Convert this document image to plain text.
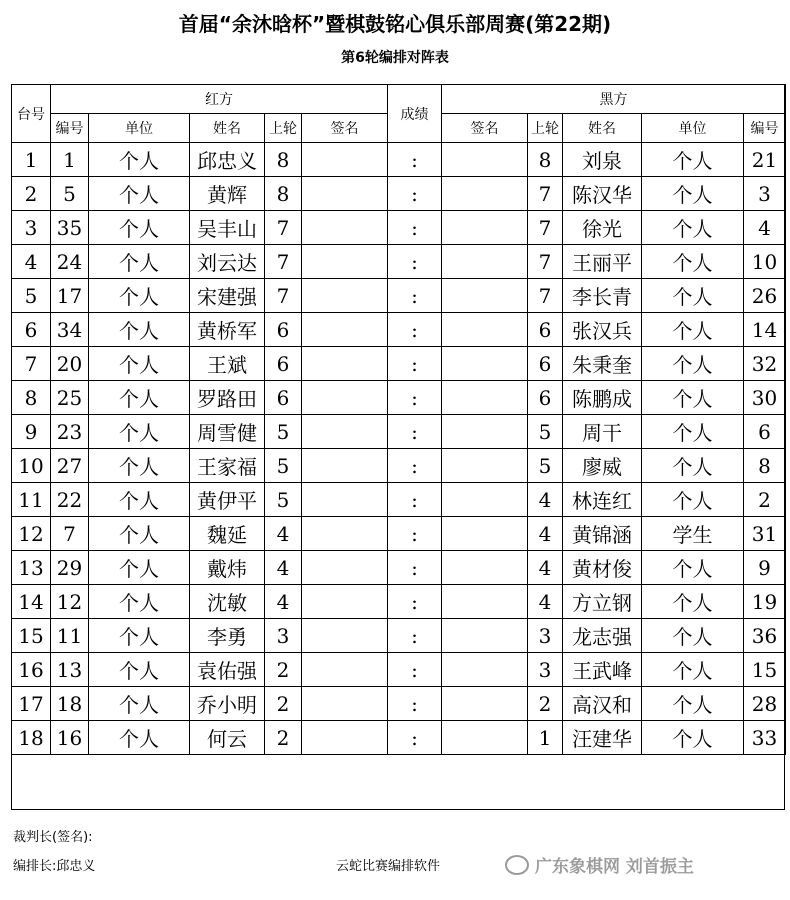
首届“余沐晗杯”暨棋鼓铭心俱乐部周赛(第22期)
第6轮编排对阵表
台号	红方					成绩	黑方				
	编号	单位	姓名	上轮	签名		签名	上轮	姓名	单位	编号
1	1	个人	邱忠义	8		:		8	刘泉	个人	21
2	5	个人	黄辉	8		:		7	陈汉华	个人	3
3	35	个人	吴丰山	7		:		7	徐光	个人	4
4	24	个人	刘云达	7		:		7	王丽平	个人	10
5	17	个人	宋建强	7		:		7	李长青	个人	26
6	34	个人	黄桥军	6		:		6	张汉兵	个人	14
7	20	个人	王斌	6		:		6	朱秉奎	个人	32
8	25	个人	罗路田	6		:		6	陈鹏成	个人	30
9	23	个人	周雪健	5		:		5	周干	个人	6
10	27	个人	王家福	5		:		5	廖威	个人	8
11	22	个人	黄伊平	5		:		4	林连红	个人	2
12	7	个人	魏延	4		:		4	黄锦涵	学生	31
13	29	个人	戴炜	4		:		4	黄材俊	个人	9
14	12	个人	沈敏	4		:		4	方立钢	个人	19
15	11	个人	李勇	3		:		3	龙志强	个人	36
16	13	个人	袁佑强	2		:		3	王武峰	个人	15
17	18	个人	乔小明	2		:		2	高汉和	个人	28
18	16	个人	何云	2		:		1	汪建华	个人	33
裁判长(签名):
编排长:邱忠义	云蛇比赛编排软件	广东象棋网 刘首振主
